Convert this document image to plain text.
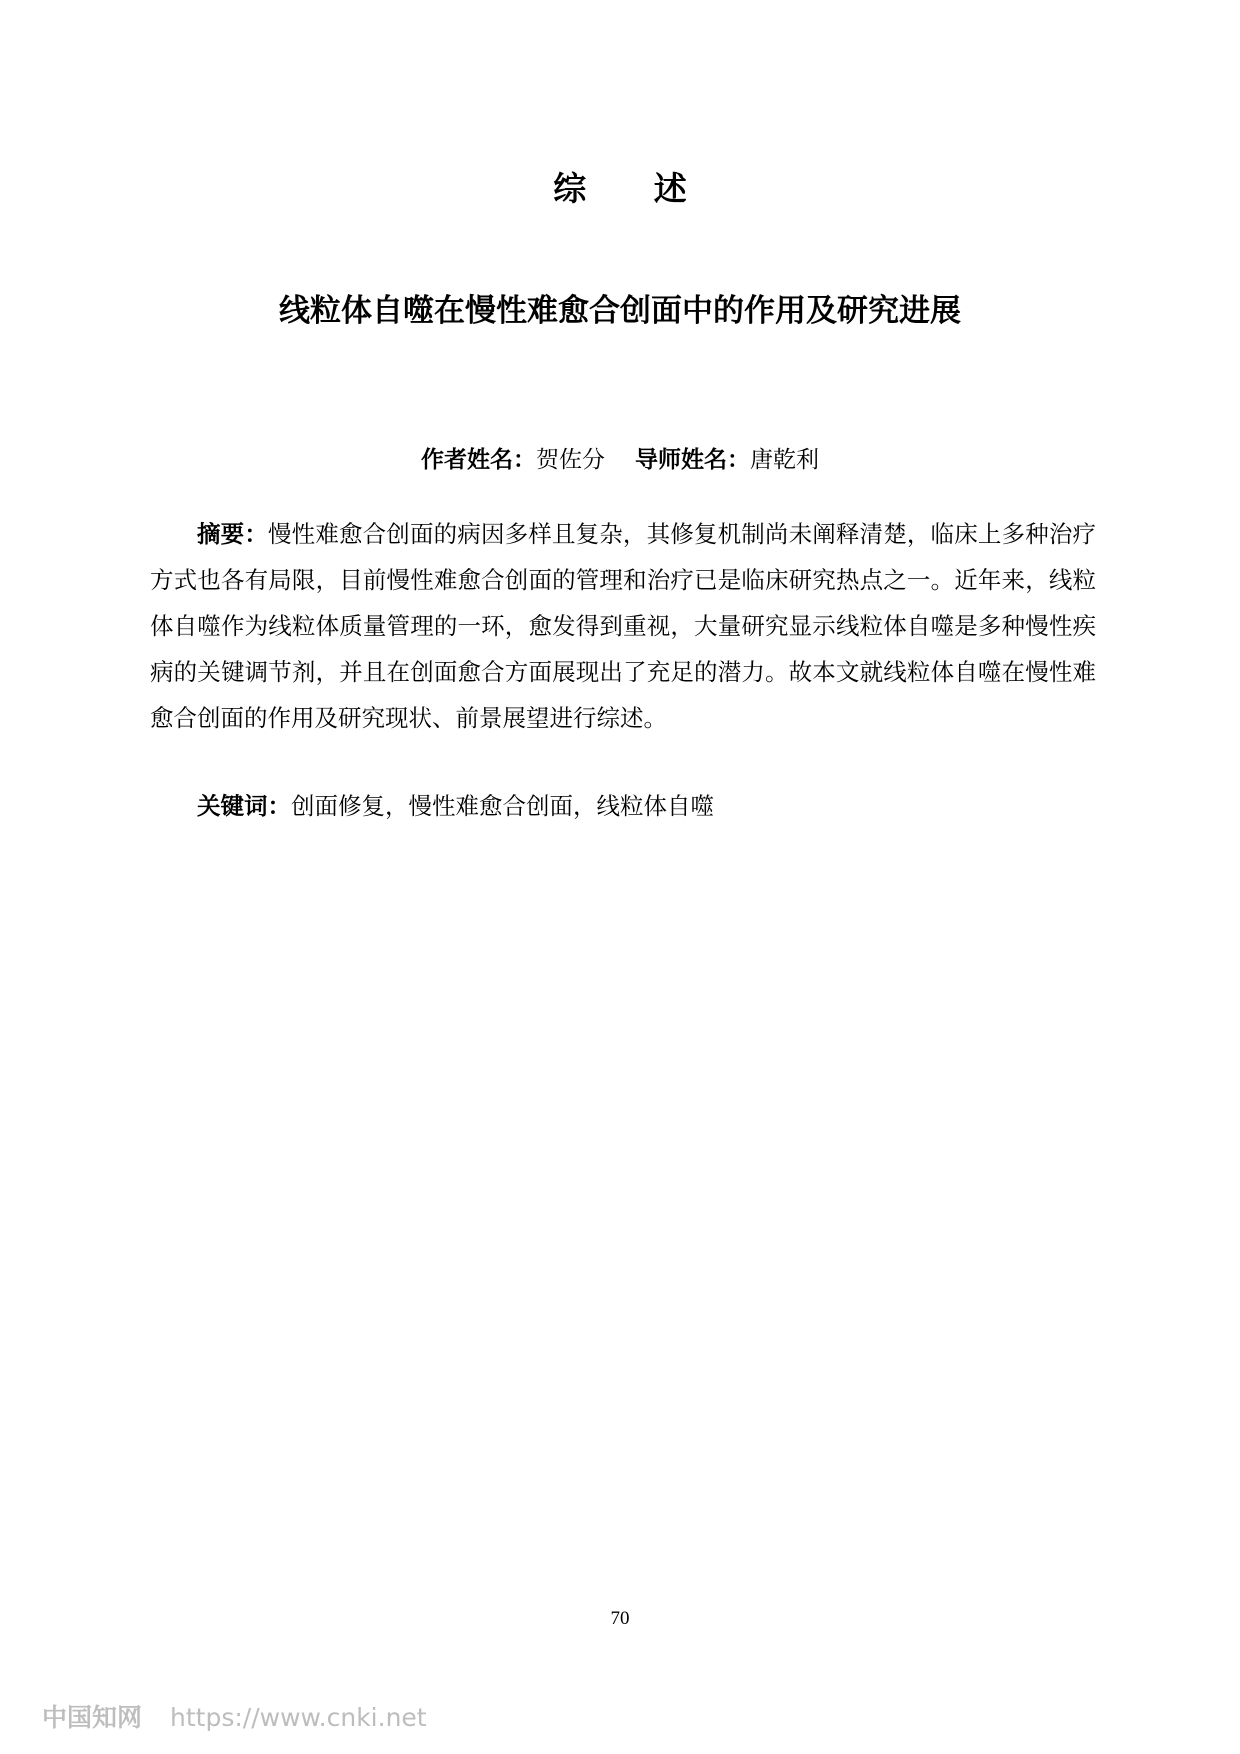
综 述
线粒体自噬在慢性难愈合创面中的作用及研究进展
作者姓名：贺佐分 导师姓名：唐乾利

摘要：慢性难愈合创面的病因多样且复杂，其修复机制尚未阐释清楚，临床上多种治疗方式也各有局限，目前慢性难愈合创面的管理和治疗已是临床研究热点之一。近年来，线粒体自噬作为线粒体质量管理的一环，愈发得到重视，大量研究显示线粒体自噬是多种慢性疾病的关键调节剂，并且在创面愈合方面展现出了充足的潜力。故本文就线粒体自噬在慢性难愈合创面的作用及研究现状、前景展望进行综述。

关键词：创面修复，慢性难愈合创面，线粒体自噬

70
中国知网 https://www.cnki.net
